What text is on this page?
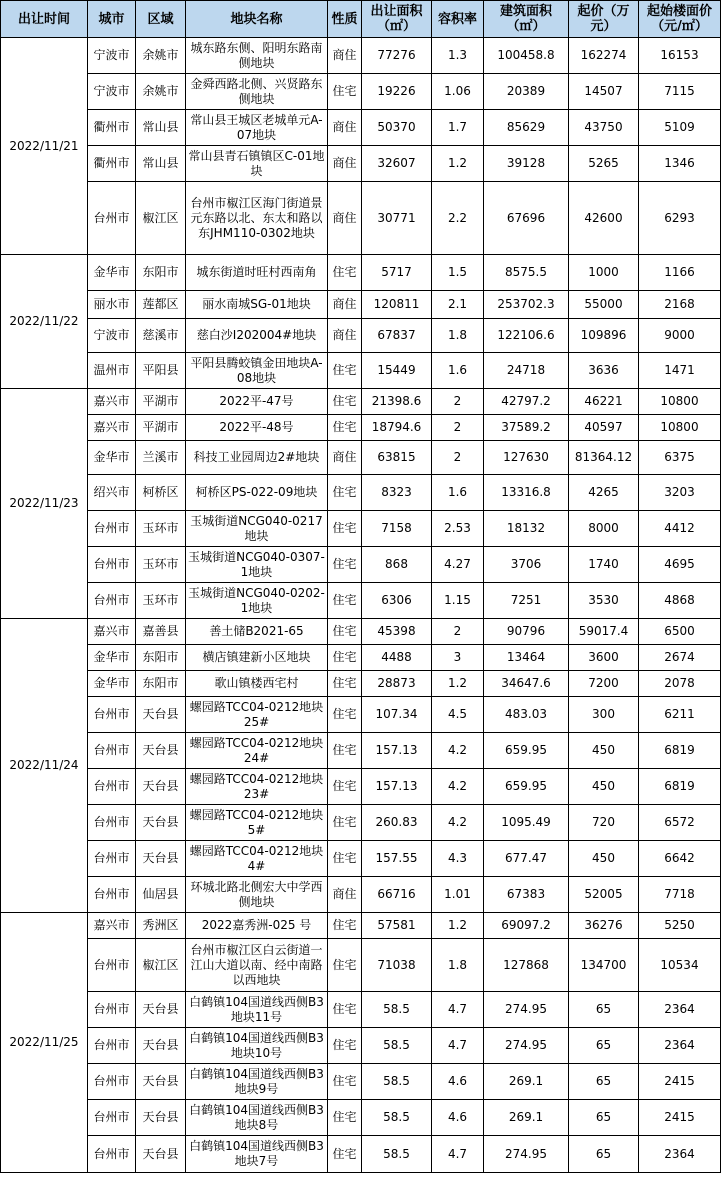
出让时间	城市	区域	地块名称	性质	出让面积（㎡）	容积率	建筑面积（㎡）	起价（万元）	起始楼面价（元/㎡）
2022/11/21	宁波市	余姚市	城东路东侧、阳明东路南侧地块	商住	77276	1.3	100458.8	162274	16153
	宁波市	余姚市	金舜西路北侧、兴贤路东侧地块	住宅	19226	1.06	20389	14507	7115
	衢州市	常山县	常山县王城区老城单元A-07地块	商住	50370	1.7	85629	43750	5109
	衢州市	常山县	常山县青石镇镇区C-01地块	商住	32607	1.2	39128	5265	1346
	台州市	椒江区	台州市椒江区海门街道景元东路以北、东太和路以东JHM110-0302地块	商住	30771	2.2	67696	42600	6293
2022/11/22	金华市	东阳市	城东街道时旺村西南角	住宅	5717	1.5	8575.5	1000	1166
	丽水市	莲都区	丽水南城SG-01地块	商住	120811	2.1	253702.3	55000	2168
	宁波市	慈溪市	慈白沙I202004#地块	商住	67837	1.8	122106.6	109896	9000
	温州市	平阳县	平阳县腾蛟镇金田地块A-08地块	住宅	15449	1.6	24718	3636	1471
2022/11/23	嘉兴市	平湖市	2022平-47号	住宅	21398.6	2	42797.2	46221	10800
	嘉兴市	平湖市	2022平-48号	住宅	18794.6	2	37589.2	40597	10800
	金华市	兰溪市	科技工业园周边2#地块	商住	63815	2	127630	81364.12	6375
	绍兴市	柯桥区	柯桥区PS-022-09地块	住宅	8323	1.6	13316.8	4265	3203
	台州市	玉环市	玉城街道NCG040-0217地块	住宅	7158	2.53	18132	8000	4412
	台州市	玉环市	玉城街道NCG040-0307-1地块	住宅	868	4.27	3706	1740	4695
	台州市	玉环市	玉城街道NCG040-0202-1地块	住宅	6306	1.15	7251	3530	4868
2022/11/24	嘉兴市	嘉善县	善土储B2021-65	住宅	45398	2	90796	59017.4	6500
	金华市	东阳市	横店镇建新小区地块	住宅	4488	3	13464	3600	2674
	金华市	东阳市	歌山镇楼西宅村	住宅	28873	1.2	34647.6	7200	2078
	台州市	天台县	螺园路TCC04-0212地块25#	住宅	107.34	4.5	483.03	300	6211
	台州市	天台县	螺园路TCC04-0212地块24#	住宅	157.13	4.2	659.95	450	6819
	台州市	天台县	螺园路TCC04-0212地块23#	住宅	157.13	4.2	659.95	450	6819
	台州市	天台县	螺园路TCC04-0212地块5#	住宅	260.83	4.2	1095.49	720	6572
	台州市	天台县	螺园路TCC04-0212地块4#	住宅	157.55	4.3	677.47	450	6642
	台州市	仙居县	环城北路北侧宏大中学西侧地块	商住	66716	1.01	67383	52005	7718
2022/11/25	嘉兴市	秀洲区	2022嘉秀洲-025 号	住宅	57581	1.2	69097.2	36276	5250
	台州市	椒江区	台州市椒江区白云街道一江山大道以南、经中南路以西地块	住宅	71038	1.8	127868	134700	10534
	台州市	天台县	白鹤镇104国道线西侧B3地块11号	住宅	58.5	4.7	274.95	65	2364
	台州市	天台县	白鹤镇104国道线西侧B3地块10号	住宅	58.5	4.7	274.95	65	2364
	台州市	天台县	白鹤镇104国道线西侧B3地块9号	住宅	58.5	4.6	269.1	65	2415
	台州市	天台县	白鹤镇104国道线西侧B3地块8号	住宅	58.5	4.6	269.1	65	2415
	台州市	天台县	白鹤镇104国道线西侧B3地块7号	住宅	58.5	4.7	274.95	65	2364
